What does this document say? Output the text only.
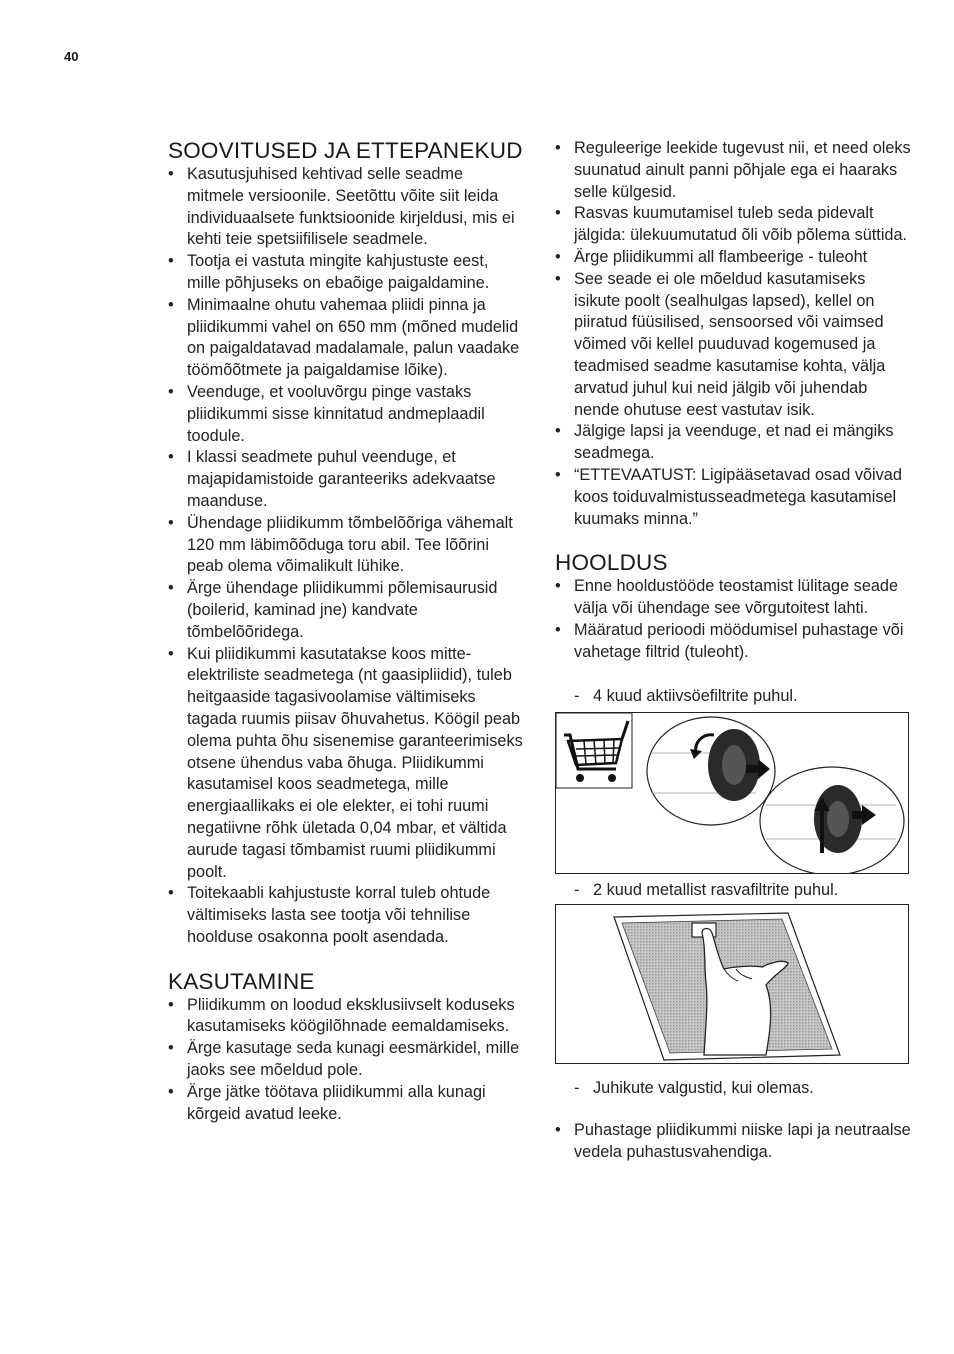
40
SOOVITUSED JA ETTEPANEKUD
• Kasutusjuhised kehtivad selle seadme mitmele versioonile. Seetõttu võite siit leida individuaalsete funktsioonide kirjeldusi, mis ei kehti teie spetsiifilisele seadmele.
• Tootja ei vastuta mingite kahjustuste eest, mille põhjuseks on ebaõige paigaldamine.
• Minimaalne ohutu vahemaa pliidi pinna ja pliidikummi vahel on 650 mm (mõned mudelid on paigaldatavad madalamale, palun vaadake töömõõtmete ja paigaldamise lõike).
• Veenduge, et vooluvõrgu pinge vastaks pliidikummi sisse kinnitatud andmeplaadil toodule.
• I klassi seadmete puhul veenduge, et majapidamistoide garanteeriks adekvaatse maanduse.
• Ühendage pliidikumm tõmbelõõriga vähemalt 120 mm läbimõõduga toru abil. Tee lõõrini peab olema võimalikult lühike.
• Ärge ühendage pliidikummi põlemisaurusid (boilerid, kaminad jne) kandvate tõmbelõõridega.
• Kui pliidikummi kasutatakse koos mitte-elektriliste seadmetega (nt gaasipliidid), tuleb heitgaaside tagasivoolamise vältimiseks tagada ruumis piisav õhuvahetus. Köögil peab olema puhta õhu sisenemise garanteerimiseks otsene ühendus vaba õhuga. Pliidikummi kasutamisel koos seadmetega, mille energiaallikaks ei ole elekter, ei tohi ruumi negatiivne rõhk ületada 0,04 mbar, et vältida aurude tagasi tõmbamist ruumi pliidikummi poolt.
• Toitekaabli kahjustuste korral tuleb ohtude vältimiseks lasta see tootja või tehnilise hoolduse osakonna poolt asendada.
KASUTAMINE
• Pliidikumm on loodud eksklusiivselt koduseks kasutamiseks köögilõhnade eemaldamiseks.
• Ärge kasutage seda kunagi eesmärkidel, mille jaoks see mõeldud pole.
• Ärge jätke töötava pliidikummi alla kunagi kõrgeid avatud leeke.
• Reguleerige leekide tugevust nii, et need oleks suunatud ainult panni põhjale ega ei haaraks selle külgesid.
• Rasvas kuumutamisel tuleb seda pidevalt jälgida: ülekuumutatud õli võib põlema süttida.
• Ärge pliidikummi all flambeerige - tuleoht
• See seade ei ole mõeldud kasutamiseks isikute poolt (sealhulgas lapsed), kellel on piiratud füüsilised, sensoorsed või vaimsed võimed või kellel puuduvad kogemused ja teadmised seadme kasutamise kohta, välja arvatud juhul kui neid jälgib või juhendab nende ohutuse eest vastutav isik.
• Jälgige lapsi ja veenduge, et nad ei mängiks seadmega.
• “ETTEVAATUST: Ligipääsetavad osad võivad koos toiduvalmistusseadmetega kasutamisel kuumaks minna.”
HOOLDUS
• Enne hooldustööde teostamist lülitage seade välja või ühendage see võrgutoitest lahti.
• Määratud perioodi möödumisel puhastage või vahetage filtrid (tuleoht).
- 4 kuud aktiivsöefiltrite puhul.
- 2 kuud metallist rasvafiltrite puhul.
- Juhikute valgustid, kui olemas.
• Puhastage pliidikummi niiske lapi ja neutraalse vedela puhastusvahendiga.
